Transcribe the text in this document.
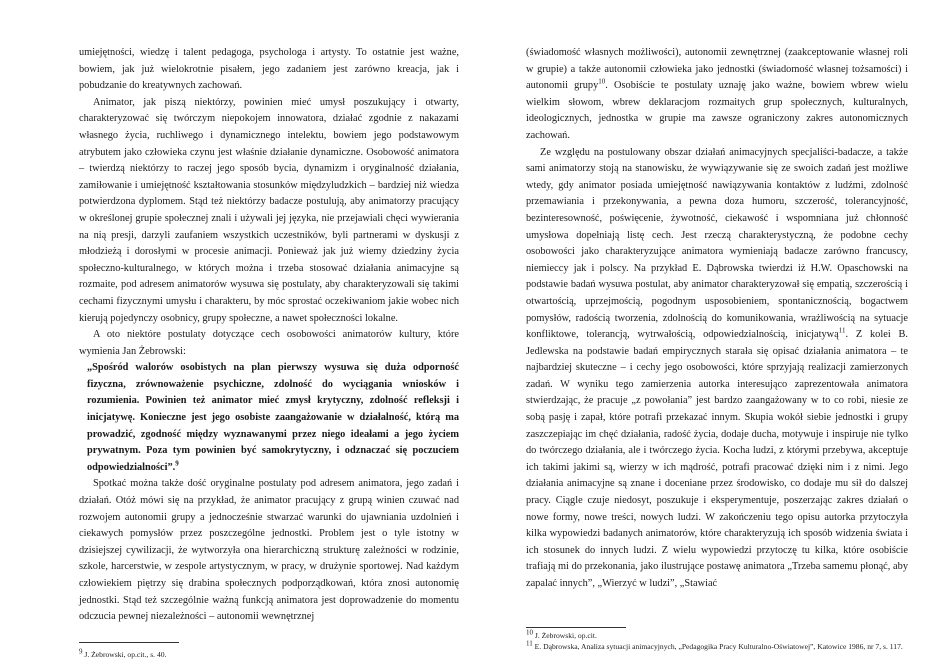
umiejętności, wiedzę i talent pedagoga, psychologa i artysty. To ostatnie jest ważne, bowiem, jak już wielokrotnie pisałem, jego zadaniem jest zarówno kreacja, jak i pobudzanie do kreatywnych zachowań.

Animator, jak piszą niektórzy, powinien mieć umysł poszukujący i otwarty, charakteryzować się twórczym niepokojem innowatora, działać zgodnie z nakazami własnego życia, ruchliwego i dynamicznego intelektu, bowiem jego podstawowym atrybutem jako człowieka czynu jest właśnie działanie dynamiczne. Osobowość animatora – twierdzą niektórzy to raczej jego sposób bycia, dynamizm i oryginalność działania, zamiłowanie i umiejętność kształtowania stosunków międzyludzkich – bardziej niż wiedza potwierdzona dyplomem. Stąd też niektórzy badacze postulują, aby animatorzy pracujący w określonej grupie społecznej znali i używali jej języka, nie przejawiali chęci wywierania na nią presji, darzyli zaufaniem wszystkich uczestników, byli partnerami w dyskusji z młodzieżą i dorosłymi w procesie animacji. Ponieważ jak już wiemy dziedziny życia społeczno-kulturalnego, w których można i trzeba stosować działania animacyjne są rozmaite, pod adresem animatorów wysuwa się postulaty, aby charakteryzowali się takimi cechami fizycznymi umysłu i charakteru, by móc sprostać oczekiwaniom jakie wobec nich kierują pojedynczy osobnicy, grupy społeczne, a nawet społeczności lokalne.

A oto niektóre postulaty dotyczące cech osobowości animatorów kultury, które wymienia Jan Żebrowski:

„Spośród walorów osobistych na plan pierwszy wysuwa się duża odporność fizyczna, zrównoważenie psychiczne, zdolność do wyciągania wniosków i rozumienia. Powinien też animator mieć zmysł krytyczny, zdolność refleksji i inicjatywę. Konieczne jest jego osobiste zaangażowanie w działalność, którą ma prowadzić, zgodność między wyznawanymi przez niego ideałami a jego życiem prywatnym. Poza tym powinien być samokrytyczny, i odznaczać się poczuciem odpowiedzialności”.$^9$

Spotkać można także dość oryginalne postulaty pod adresem animatora, jego zadań i działań. Otóż mówi się na przykład, że animator pracujący z grupą winien czuwać nad rozwojem autonomii grupy a jednocześnie stwarzać warunki do ujawniania uzdolnień i ciekawych pomysłów przez poszczególne jednostki. Problem jest o tyle istotny w dzisiejszej cywilizacji, że wytworzyła ona hierarchiczną strukturę zależności w rodzinie, szkole, harcerstwie, w zespole artystycznym, w pracy, w drużynie sportowej. Nad każdym człowiekiem piętrzy się drabina społecznych podporządkowań, która znosi autonomię jednostki. Stąd też szczególnie ważną funkcją animatora jest doprowadzenie do momentu odczucia pewnej niezależności – autonomii wewnętrznej

$^9$ J. Żebrowski, op.cit., s. 40.

(świadomość własnych możliwości), autonomii zewnętrznej (zaakceptowanie własnej roli w grupie) a także autonomii człowieka jako jednostki (świadomość własnej tożsamości) i autonomii grupy$^{10}$. Osobiście te postulaty uznaję jako ważne, bowiem wbrew wielu wielkim słowom, wbrew deklaracjom rozmaitych grup społecznych, kulturalnych, ideologicznych, jednostka w grupie ma zawsze ograniczony zakres autonomicznych zachowań.

Ze względu na postulowany obszar działań animacyjnych specjaliści-badacze, a także sami animatorzy stoją na stanowisku, że wywiązywanie się ze swoich zadań jest możliwe wtedy, gdy animator posiada umiejętność nawiązywania kontaktów z ludźmi, zdolność przemawiania i przekonywania, a pewna doza humoru, szczerość, tolerancyjność, bezinteresowność, poświęcenie, żywotność, ciekawość i wspomniana już chłonność umysłowa dopełniają listę cech. Jest rzeczą charakterystyczną, że podobne cechy osobowości jako charakteryzujące animatora wymieniają badacze zarówno francuscy, niemieccy jak i polscy. Na przykład E. Dąbrowska twierdzi iż H.W. Opaschowski na podstawie badań wysuwa postulat, aby animator charakteryzował się empatią, szczerością i otwartością, uprzejmością, pogodnym usposobieniem, spontanicznością, bogactwem pomysłów, radością tworzenia, zdolnością do komunikowania, wrażliwością na sytuacje konfliktowe, tolerancją, wytrwałością, odpowiedzialnością, inicjatywą$^{11}$. Z kolei B. Jedlewska na podstawie badań empirycznych starała się opisać działania animatora – te najbardziej skuteczne – i cechy jego osobowości, które sprzyjają realizacji zamierzonych zadań. W wyniku tego zamierzenia autorka interesująco zaprezentowała animatora stwierdzając, że pracuje „z powołania” jest bardzo zaangażowany w to co robi, niesie ze sobą pasję i zapał, które potrafi przekazać innym. Skupia wokół siebie jednostki i grupy zaszczepiając im chęć działania, radość życia, dodaje ducha, motywuje i inspiruje nie tylko do twórczego działania, ale i twórczego życia. Kocha ludzi, z którymi przebywa, akceptuje ich takimi jakimi są, wierzy w ich mądrość, potrafi pracować dzięki nim i z nimi. Jego działania animacyjne są znane i doceniane przez środowisko, co dodaje mu sił do dalszej pracy. Ciągle czuje niedosyt, poszukuje i eksperymentuje, poszerzając zakres działań o nowe formy, nowe treści, nowych ludzi. W zakończeniu tego opisu autorka przytoczyła kilka wypowiedzi badanych animatorów, które charakteryzują ich sposób widzenia świata i ich stosunek do innych ludzi. Z wielu wypowiedzi przytoczę tu kilka, które osobiście trafiają mi do przekonania, jako ilustrujące postawę animatora „Trzeba samemu płonąć, aby zapalać innych”, „Wierzyć w ludzi”, „Stawiać

$^{10}$ J. Żebrowski, op.cit.

$^{11}$ E. Dąbrowska, Analiza sytuacji animacyjnych, „Pedagogika Pracy Kulturalno-Oświatowej”, Katowice 1986, nr 7, s. 117.
